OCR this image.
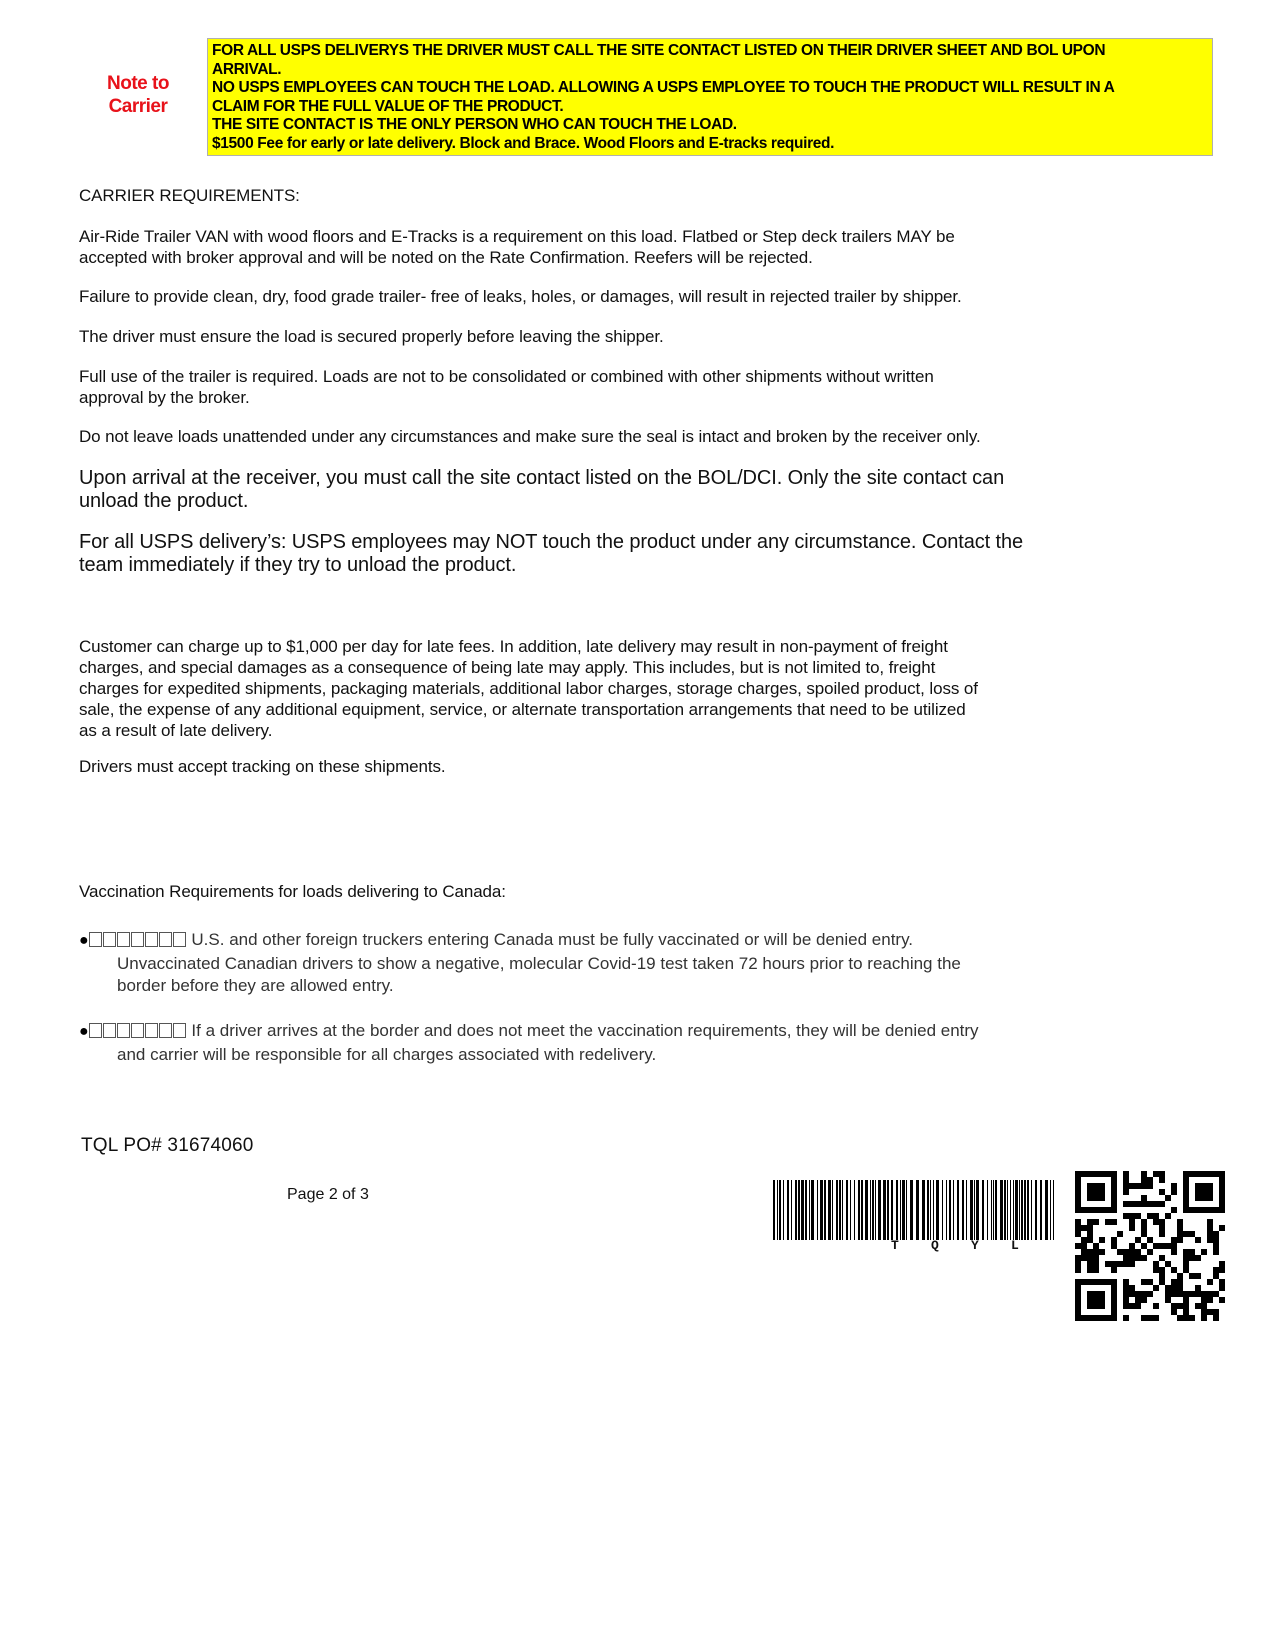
Note to
Carrier
FOR ALL USPS DELIVERYS THE DRIVER MUST CALL THE SITE CONTACT LISTED ON THEIR DRIVER SHEET AND BOL UPON
ARRIVAL.
NO USPS EMPLOYEES CAN TOUCH THE LOAD. ALLOWING A USPS EMPLOYEE TO TOUCH THE PRODUCT WILL RESULT IN A
CLAIM FOR THE FULL VALUE OF THE PRODUCT.
THE SITE CONTACT IS THE ONLY PERSON WHO CAN TOUCH THE LOAD.
$1500 Fee for early or late delivery. Block and Brace. Wood Floors and E-tracks required.
CARRIER REQUIREMENTS:
Air-Ride Trailer VAN with wood floors and E-Tracks is a requirement on this load. Flatbed or Step deck trailers MAY be
accepted with broker approval and will be noted on the Rate Confirmation. Reefers will be rejected.
Failure to provide clean, dry, food grade trailer- free of leaks, holes, or damages, will result in rejected trailer by shipper.
The driver must ensure the load is secured properly before leaving the shipper.
Full use of the trailer is required. Loads are not to be consolidated or combined with other shipments without written
approval by the broker.
Do not leave loads unattended under any circumstances and make sure the seal is intact and broken by the receiver only.
Upon arrival at the receiver, you must call the site contact listed on the BOL/DCI. Only the site contact can
unload the product.
For all USPS delivery’s: USPS employees may NOT touch the product under any circumstance. Contact the
team immediately if they try to unload the product.
Customer can charge up to $1,000 per day for late fees. In addition, late delivery may result in non-payment of freight
charges, and special damages as a consequence of being late may apply. This includes, but is not limited to, freight
charges for expedited shipments, packaging materials, additional labor charges, storage charges, spoiled product, loss of
sale, the expense of any additional equipment, service, or alternate transportation arrangements that need to be utilized
as a result of late delivery.
Drivers must accept tracking on these shipments.
Vaccination Requirements for loads delivering to Canada:
●	U.S. and other foreign truckers entering Canada must be fully vaccinated or will be denied entry.
Unvaccinated Canadian drivers to show a negative, molecular Covid-19 test taken 72 hours prior to reaching the
border before they are allowed entry.
●	If a driver arrives at the border and does not meet the vaccination requirements, they will be denied entry
and carrier will be responsible for all charges associated with redelivery.
TQL PO# 31674060
Page 2 of 3
T Q Y L
